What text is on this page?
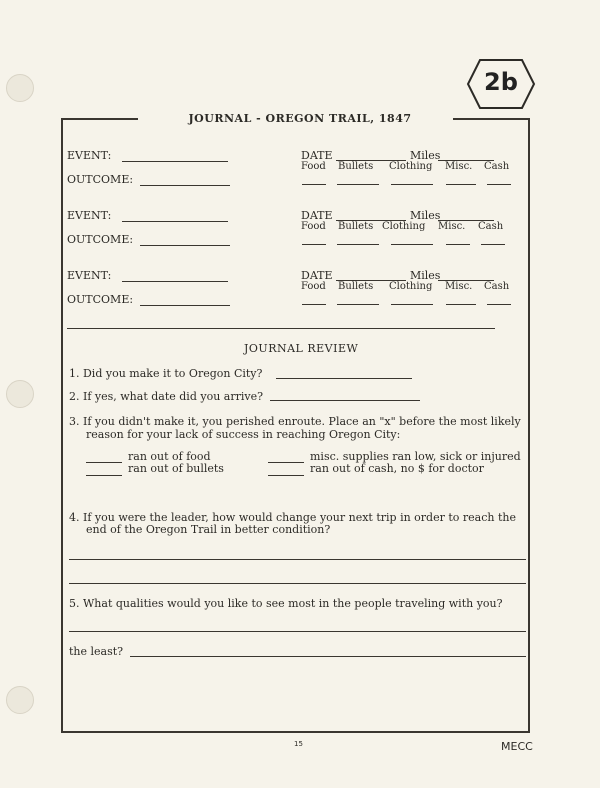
2b
JOURNAL - OREGON TRAIL, 1847
EVENT:
OUTCOME:
DATE	Miles
Food Bullets Clothing Misc. Cash
EVENT:
OUTCOME:
DATE	Miles
Food Bullets Clothing Misc. Cash
EVENT:
OUTCOME:
DATE	Miles
Food Bullets Clothing Misc. Cash
JOURNAL REVIEW
1. Did you make it to Oregon City?
2. If yes, what date did you arrive?
3. If you didn't make it, you perished enroute. Place an "x" before the most likely
reason for your lack of success in reaching Oregon City:
ran out of food
ran out of bullets
misc. supplies ran low, sick or injured
ran out of cash, no $ for doctor
4. If you were the leader, how would change your next trip in order to reach the
end of the Oregon Trail in better condition?
5. What qualities would you like to see most in the people traveling with you?
the least?
15	MECC
